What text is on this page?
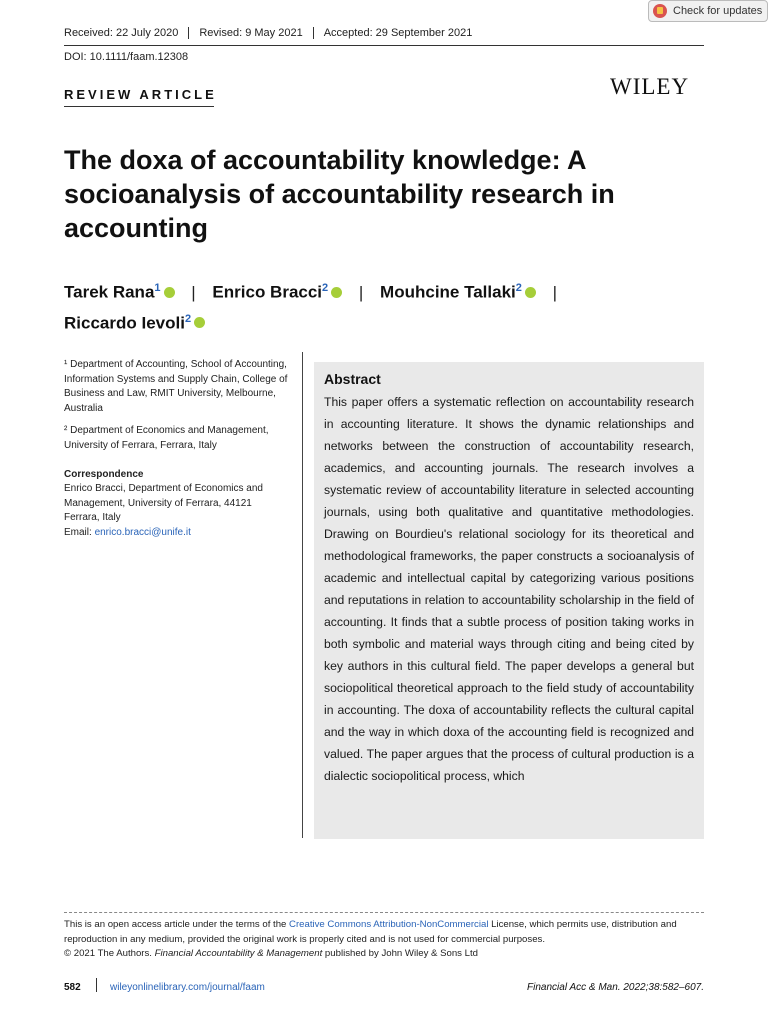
Received: 22 July 2020	Revised: 9 May 2021	Accepted: 29 September 2021
DOI: 10.1111/faam.12308
Check for updates
REVIEW ARTICLE	WILEY
The doxa of accountability knowledge: A socioanalysis of accountability research in accounting
Tarek Rana$^1$ | Enrico Bracci$^2$ | Mouhcine Tallaki$^2$ |
Riccardo Ievoli$^2$

¹ Department of Accounting, School of Accounting, Information Systems and Supply Chain, College of Business and Law, RMIT University, Melbourne, Australia

² Department of Economics and Management, University of Ferrara, Ferrara, Italy

Correspondence
Enrico Bracci, Department of Economics and Management, University of Ferrara, 44121 Ferrara, Italy
Email: enrico.bracci@unife.it

Abstract
This paper offers a systematic reflection on accountability research in accounting literature. It shows the dynamic relationships and networks between the construction of accountability research, academics, and accounting journals. The research involves a systematic review of accountability literature in selected accounting journals, using both qualitative and quantitative methodologies. Drawing on Bourdieu's relational sociology for its theoretical and methodological frameworks, the paper constructs a socioanalysis of academic and intellectual capital by categorizing various positions and reputations in relation to accountability scholarship in the field of accounting. It finds that a subtle process of position taking works in both symbolic and material ways through citing and being cited by key authors in this cultural field. The paper develops a general but sociopolitical theoretical approach to the field study of accountability in accounting. The doxa of accountability reflects the cultural capital and the way in which doxa of the accounting field is recognized and valued. The paper argues that the process of cultural production is a dialectic sociopolitical process, which
This is an open access article under the terms of the Creative Commons Attribution-NonCommercial License, which permits use, distribution and reproduction in any medium, provided the original work is properly cited and is not used for commercial purposes.
© 2021 The Authors. Financial Accountability & Management published by John Wiley & Sons Ltd
582	wileyonlinelibrary.com/journal/faam	Financial Acc & Man. 2022;38:582–607.
